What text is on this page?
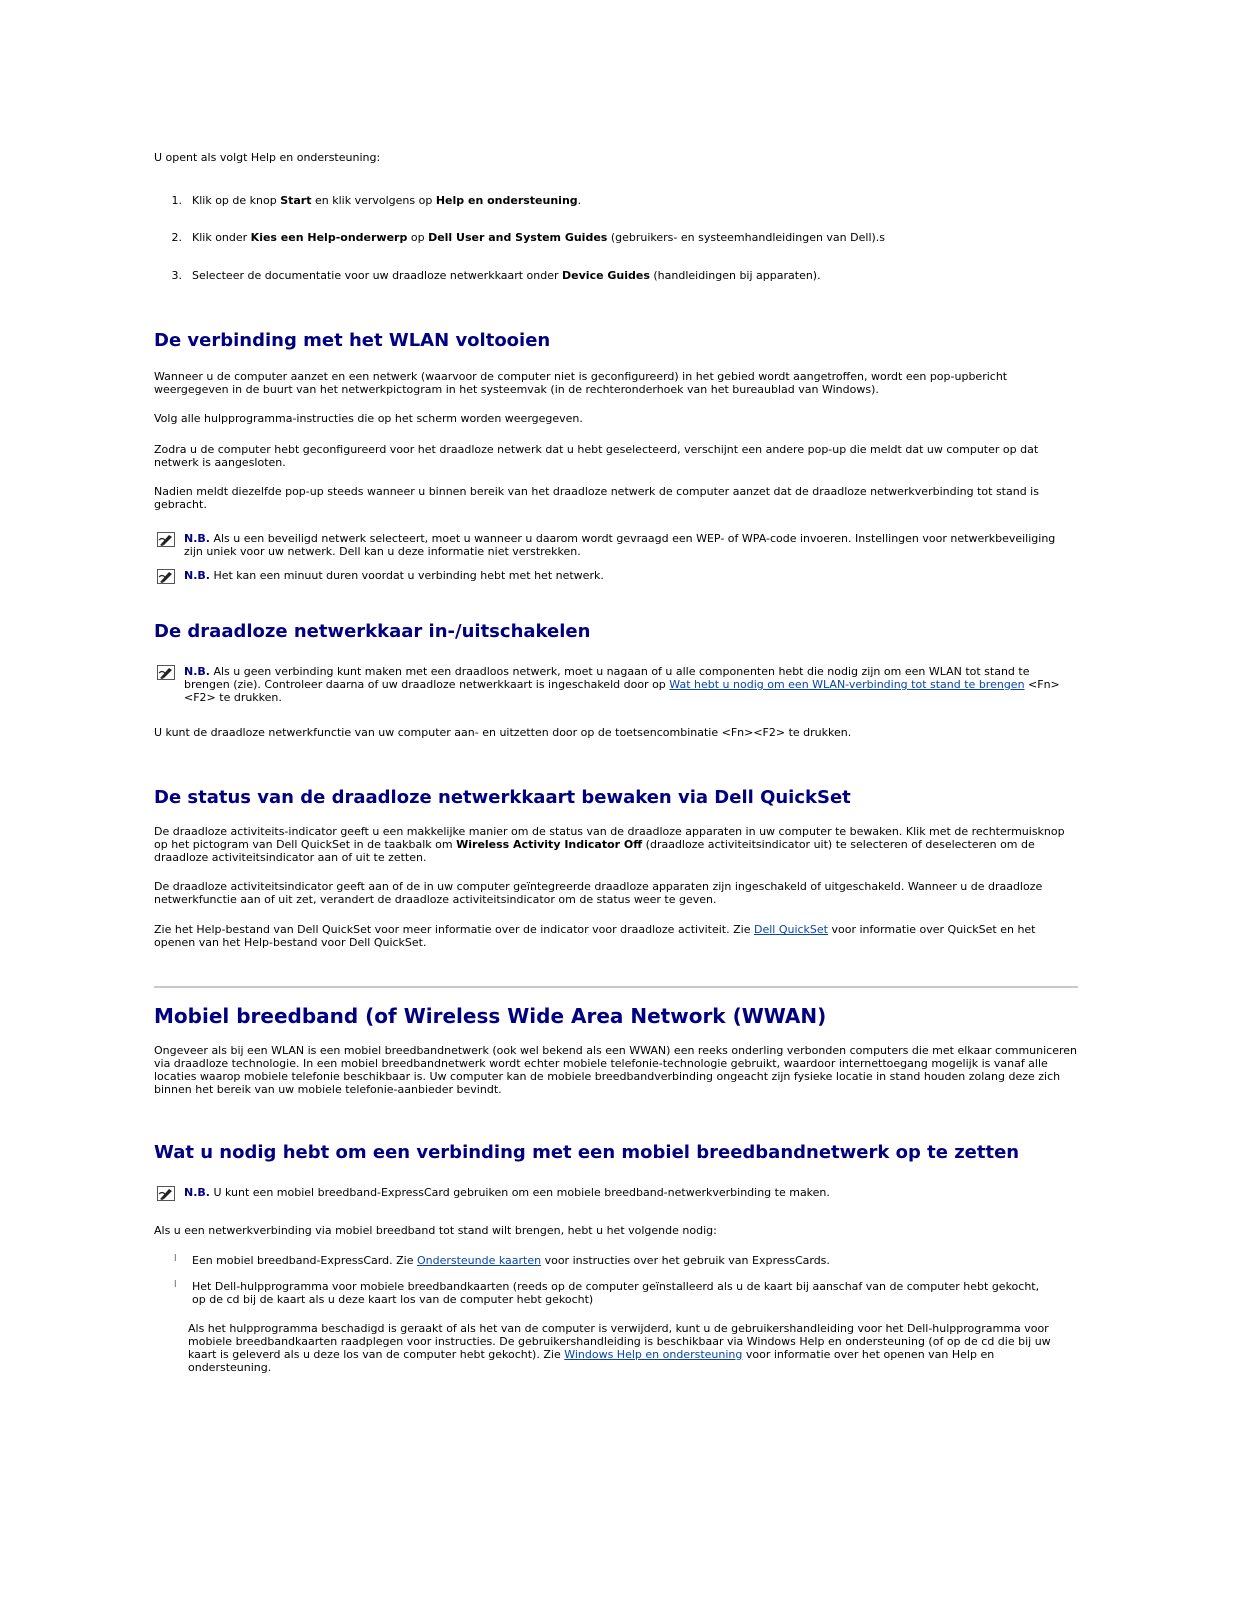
U opent als volgt Help en ondersteuning:

1. Klik op de knop Start en klik vervolgens op Help en ondersteuning.
2. Klik onder Kies een Help-onderwerp op Dell User and System Guides (gebruikers- en systeemhandleidingen van Dell).s
3. Selecteer de documentatie voor uw draadloze netwerkkaart onder Device Guides (handleidingen bij apparaten).
De verbinding met het WLAN voltooien

Wanneer u de computer aanzet en een netwerk (waarvoor de computer niet is geconfigureerd) in het gebied wordt aangetroffen, wordt een pop-upbericht weergegeven in de buurt van het netwerkpictogram in het systeemvak (in de rechteronderhoek van het bureaublad van Windows).

Volg alle hulpprogramma-instructies die op het scherm worden weergegeven.

Zodra u de computer hebt geconfigureerd voor het draadloze netwerk dat u hebt geselecteerd, verschijnt een andere pop-up die meldt dat uw computer op dat netwerk is aangesloten.

Nadien meldt diezelfde pop-up steeds wanneer u binnen bereik van het draadloze netwerk de computer aanzet dat de draadloze netwerkverbinding tot stand is gebracht.

N.B. Als u een beveiligd netwerk selecteert, moet u wanneer u daarom wordt gevraagd een WEP- of WPA-code invoeren. Instellingen voor netwerkbeveiliging zijn uniek voor uw netwerk. Dell kan u deze informatie niet verstrekken.

N.B. Het kan een minuut duren voordat u verbinding hebt met het netwerk.

De draadloze netwerkkaar in-/uitschakelen

N.B. Als u geen verbinding kunt maken met een draadloos netwerk, moet u nagaan of u alle componenten hebt die nodig zijn om een WLAN tot stand te brengen (zie). Controleer daarna of uw draadloze netwerkkaart is ingeschakeld door op Wat hebt u nodig om een WLAN-verbinding tot stand te brengen <Fn><F2> te drukken.

U kunt de draadloze netwerkfunctie van uw computer aan- en uitzetten door op de toetsencombinatie <Fn><F2> te drukken.

De status van de draadloze netwerkkaart bewaken via Dell QuickSet

De draadloze activiteits-indicator geeft u een makkelijke manier om de status van de draadloze apparaten in uw computer te bewaken. Klik met de rechtermuisknop op het pictogram van Dell QuickSet in de taakbalk om Wireless Activity Indicator Off (draadloze activiteitsindicator uit) te selecteren of deselecteren om de draadloze activiteitsindicator aan of uit te zetten.

De draadloze activiteitsindicator geeft aan of de in uw computer geïntegreerde draadloze apparaten zijn ingeschakeld of uitgeschakeld. Wanneer u de draadloze netwerkfunctie aan of uit zet, verandert de draadloze activiteitsindicator om de status weer te geven.

Zie het Help-bestand van Dell QuickSet voor meer informatie over de indicator voor draadloze activiteit. Zie Dell QuickSet voor informatie over QuickSet en het openen van het Help-bestand voor Dell QuickSet.

Mobiel breedband (of Wireless Wide Area Network (WWAN)

Ongeveer als bij een WLAN is een mobiel breedbandnetwerk (ook wel bekend als een WWAN) een reeks onderling verbonden computers die met elkaar communiceren via draadloze technologie. In een mobiel breedbandnetwerk wordt echter mobiele telefonie-technologie gebruikt, waardoor internettoegang mogelijk is vanaf alle locaties waarop mobiele telefonie beschikbaar is. Uw computer kan de mobiele breedbandverbinding ongeacht zijn fysieke locatie in stand houden zolang deze zich binnen het bereik van uw mobiele telefonie-aanbieder bevindt.

Wat u nodig hebt om een verbinding met een mobiel breedbandnetwerk op te zetten

N.B. U kunt een mobiel breedband-ExpressCard gebruiken om een mobiele breedband-netwerkverbinding te maken.

Als u een netwerkverbinding via mobiel breedband tot stand wilt brengen, hebt u het volgende nodig:

l Een mobiel breedband-ExpressCard. Zie Ondersteunde kaarten voor instructies over het gebruik van ExpressCards.

l Het Dell-hulpprogramma voor mobiele breedbandkaarten (reeds op de computer geïnstalleerd als u de kaart bij aanschaf van de computer hebt gekocht, op de cd bij de kaart als u deze kaart los van de computer hebt gekocht)

Als het hulpprogramma beschadigd is geraakt of als het van de computer is verwijderd, kunt u de gebruikershandleiding voor het Dell-hulpprogramma voor mobiele breedbandkaarten raadplegen voor instructies. De gebruikershandleiding is beschikbaar via Windows Help en ondersteuning (of op de cd die bij uw kaart is geleverd als u deze los van de computer hebt gekocht). Zie Windows Help en ondersteuning voor informatie over het openen van Help en ondersteuning.
